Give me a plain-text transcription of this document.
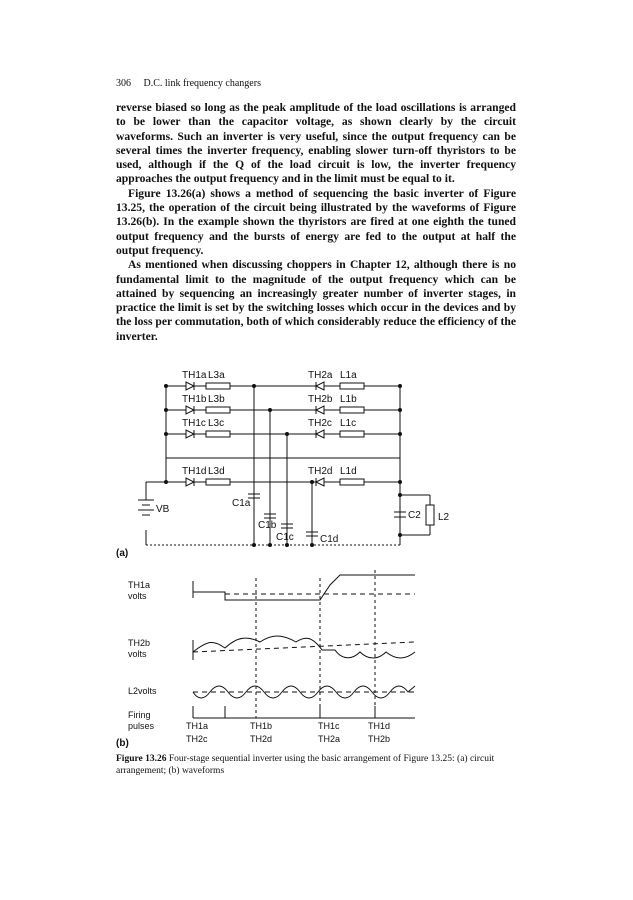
306 D.C. link frequency changers

reverse biased so long as the peak amplitude of the load oscillations is arranged to be lower than the capacitor voltage, as shown clearly by the circuit waveforms. Such an inverter is very useful, since the output frequency can be several times the inverter frequency, enabling slower turn-off thyristors to be used, although if the Q of the load circuit is low, the inverter frequency approaches the output frequency and in the limit must be equal to it.

Figure 13.26(a) shows a method of sequencing the basic inverter of Figure 13.25, the operation of the circuit being illustrated by the waveforms of Figure 13.26(b). In the example shown the thyristors are fired at one eighth the tuned output frequency and the bursts of energy are fed to the output at half the output frequency.

As mentioned when discussing choppers in Chapter 12, although there is no fundamental limit to the magnitude of the output frequency which can be attained by sequencing an increasingly greater number of inverter stages, in practice the limit is set by the switching losses which occur in the devices and by the loss per commutation, both of which considerably reduce the efficiency of the inverter.

TH1a
TH1b
TH1c
TH1d
L3a
L3b
L3c
L3d
TH2a
TH2b
TH2c
TH2d
L1a
L1b
L1c
L1d
C1a
C1b
C1c	C1d
VB
C2 L2
(a)
TH1a
volts
TH2b
volts
L2volts
Firing
pulses	TH1a	TH1b	TH1c	TH1d
TH2c	TH2d	TH2a	TH2b
(b)
Figure 13.26 Four-stage sequential inverter using the basic arrangement of Figure 13.25: (a) circuit arrangement; (b) waveforms
